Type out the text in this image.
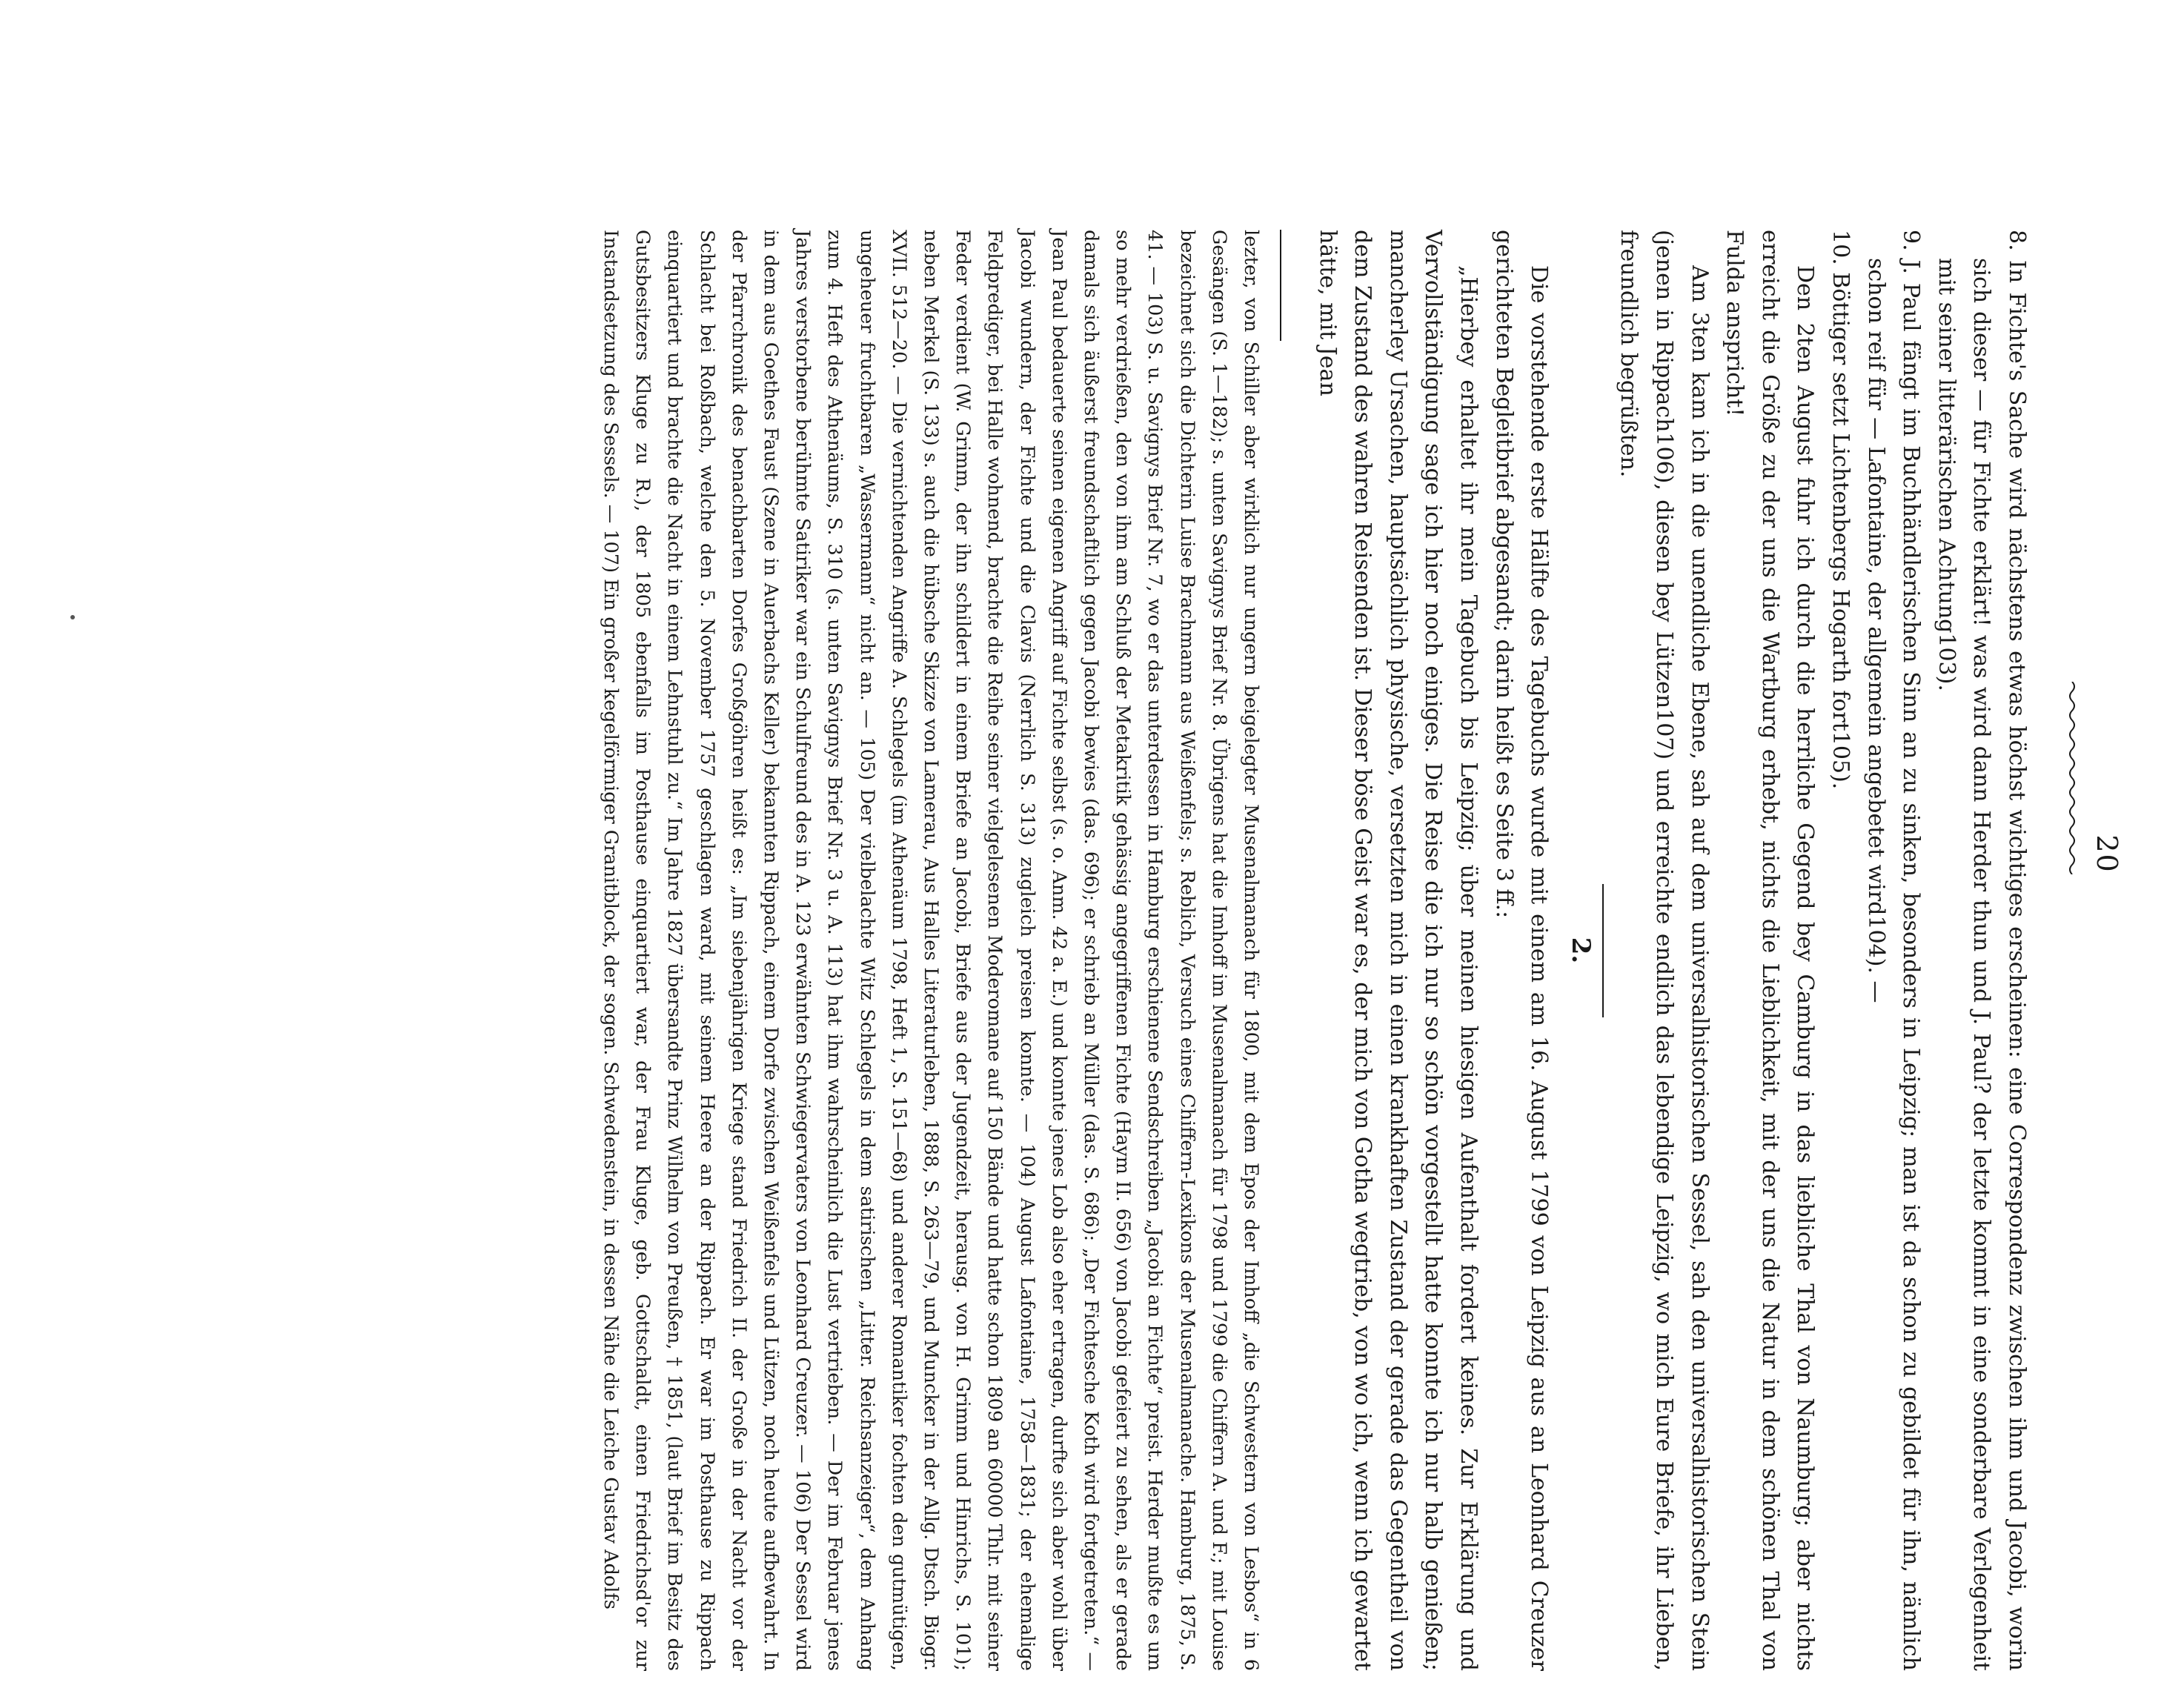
20

8. In Fichte's Sache wird nächstens etwas höchst wichtiges erscheinen: eine Correspondenz zwischen ihm und Jacobi, worin sich dieser — für Fichte erklärt! was wird dann Herder thun und J. Paul? der letzte kommt in eine sonderbare Verlegenheit mit seiner litterärischen Achtung103).

9. J. Paul fängt im Buchhändlerischen Sinn an zu sinken, besonders in Leipzig; man ist da schon zu gebildet für ihn, nämlich schon reif für — Lafontaine, der allgemein angebetet wird104). —

10. Böttiger setzt Lichtenbergs Hogarth fort105).

Den 2ten August fuhr ich durch die herrliche Gegend bey Camburg in das liebliche Thal von Naumburg; aber nichts erreicht die Größe zu der uns die Wartburg erhebt, nichts die Lieblichkeit, mit der uns die Natur in dem schönen Thal von Fulda anspricht!

Am 3ten kam ich in die unendliche Ebene, sah auf dem universalhistorischen Sessel, sah den universalhistorischen Stein (jenen in Rippach106), diesen bey Lützen107) und erreichte endlich das lebendige Leipzig, wo mich Eure Briefe, ihr Lieben, freundlich begrüßten.

2.

Die vorstehende erste Hälfte des Tagebuchs wurde mit einem am 16. August 1799 von Leipzig aus an Leonhard Creuzer gerichteten Begleitbrief abgesandt; darin heißt es Seite 3 ff.:

„Hierbey erhaltet ihr mein Tagebuch bis Leipzig; über meinen hiesigen Aufenthalt fordert keines. Zur Erklärung und Vervollständigung sage ich hier noch einiges. Die Reise die ich nur so schön vorgestellt hatte konnte ich nur halb genießen; mancherley Ursachen, hauptsächlich physische, versetzten mich in einen krankhaften Zustand der gerade das Gegentheil von dem Zustand des wahren Reisenden ist. Dieser böse Geist war es, der mich von Gotha wegtrieb, von wo ich, wenn ich gewartet hätte, mit Jean

lezter, von Schiller aber wirklich nur ungern beigelegter Musenalmanach für 1800, mit dem Epos der Imhoff „die Schwestern von Lesbos“ in 6 Gesängen (S. 1—182); s. unten Savignys Brief Nr. 8. Übrigens hat die Imhoff im Musenalmanach für 1798 und 1799 die Chiffern A. und F.; mit Louise bezeichnet sich die Dichterin Luise Brachmann aus Weißenfels; s. Reblich, Versuch eines Chiffern-Lexikons der Musenalmanache. Hamburg, 1875, S. 41. — 103) S. u. Savignys Brief Nr. 7, wo er das unterdessen in Hamburg erschienene Sendschreiben „Jacobi an Fichte“ preist. Herder mußte es um so mehr verdrießen, den von ihm am Schluß der Metakritik gehässig angegriffenen Fichte (Haym II. 656) von Jacobi gefeiert zu sehen, als er gerade damals sich äußerst freundschaftlich gegen Jacobi bewies (das. 696); er schrieb an Müller (das. S. 686): „Der Fichtesche Koth wird fortgetreten.“ — Jean Paul bedauerte seinen eigenen Angriff auf Fichte selbst (s. o. Anm. 42 a. E.) und konnte jenes Lob also eher ertragen, durfte sich aber wohl über Jacobi wundern, der Fichte und die Clavis (Nerrlich S. 313) zugleich preisen konnte. — 104) August Lafontaine, 1758—1831; der ehemalige Feldprediger, bei Halle wohnend, brachte die Reihe seiner vielgelesenen Moderomane auf 150 Bände und hatte schon 1809 an 60000 Thlr. mit seiner Feder verdient (W. Grimm, der ihn schildert in einem Briefe an Jacobi, Briefe aus der Jugendzeit, herausg. von H. Grimm und Hinrichs, S. 101); neben Merkel (S. 133) s. auch die hübsche Skizze von Lamerau, Aus Halles Literaturleben, 1888, S. 263—79, und Muncker in der Allg. Dtsch. Biogr. XVII. 512—20. — Die vernichtenden Angriffe A. Schlegels (im Athenäum 1798, Heft 1, S. 151—68) und anderer Romantiker fochten den gutmütigen, ungeheuer fruchtbaren „Wassermann“ nicht an. — 105) Der vielbelachte Witz Schlegels in dem satirischen „Litter. Reichsanzeiger“, dem Anhang zum 4. Heft des Athenäums, S. 310 (s. unten Savignys Brief Nr. 3 u. A. 113) hat ihm wahrscheinlich die Lust vertrieben. — Der im Februar jenes Jahres verstorbene berühmte Satiriker war ein Schulfreund des in A. 123 erwähnten Schwiegervaters von Leonhard Creuzer. — 106) Der Sessel wird in dem aus Goethes Faust (Szene in Auerbachs Keller) bekannten Rippach, einem Dorfe zwischen Weißenfels und Lützen, noch heute aufbewahrt. In der Pfarrchronik des benachbarten Dorfes Großgöhren heißt es: „Im siebenjährigen Kriege stand Friedrich II. der Große in der Nacht vor der Schlacht bei Roßbach, welche den 5. November 1757 geschlagen ward, mit seinem Heere an der Rippach. Er war im Posthause zu Rippach einquartiert und brachte die Nacht in einem Lehnstuhl zu.“ Im Jahre 1827 übersandte Prinz Wilhelm von Preußen, † 1851, (laut Brief im Besitz des Gutsbesitzers Kluge zu R.), der 1805 ebenfalls im Posthause einquartiert war, der Frau Kluge, geb. Gottschaldt, einen Friedrichsd'or zur Instandsetzung des Sessels. — 107) Ein großer kegelförmiger Granitblock, der sogen. Schwedenstein, in dessen Nähe die Leiche Gustav Adolfs
